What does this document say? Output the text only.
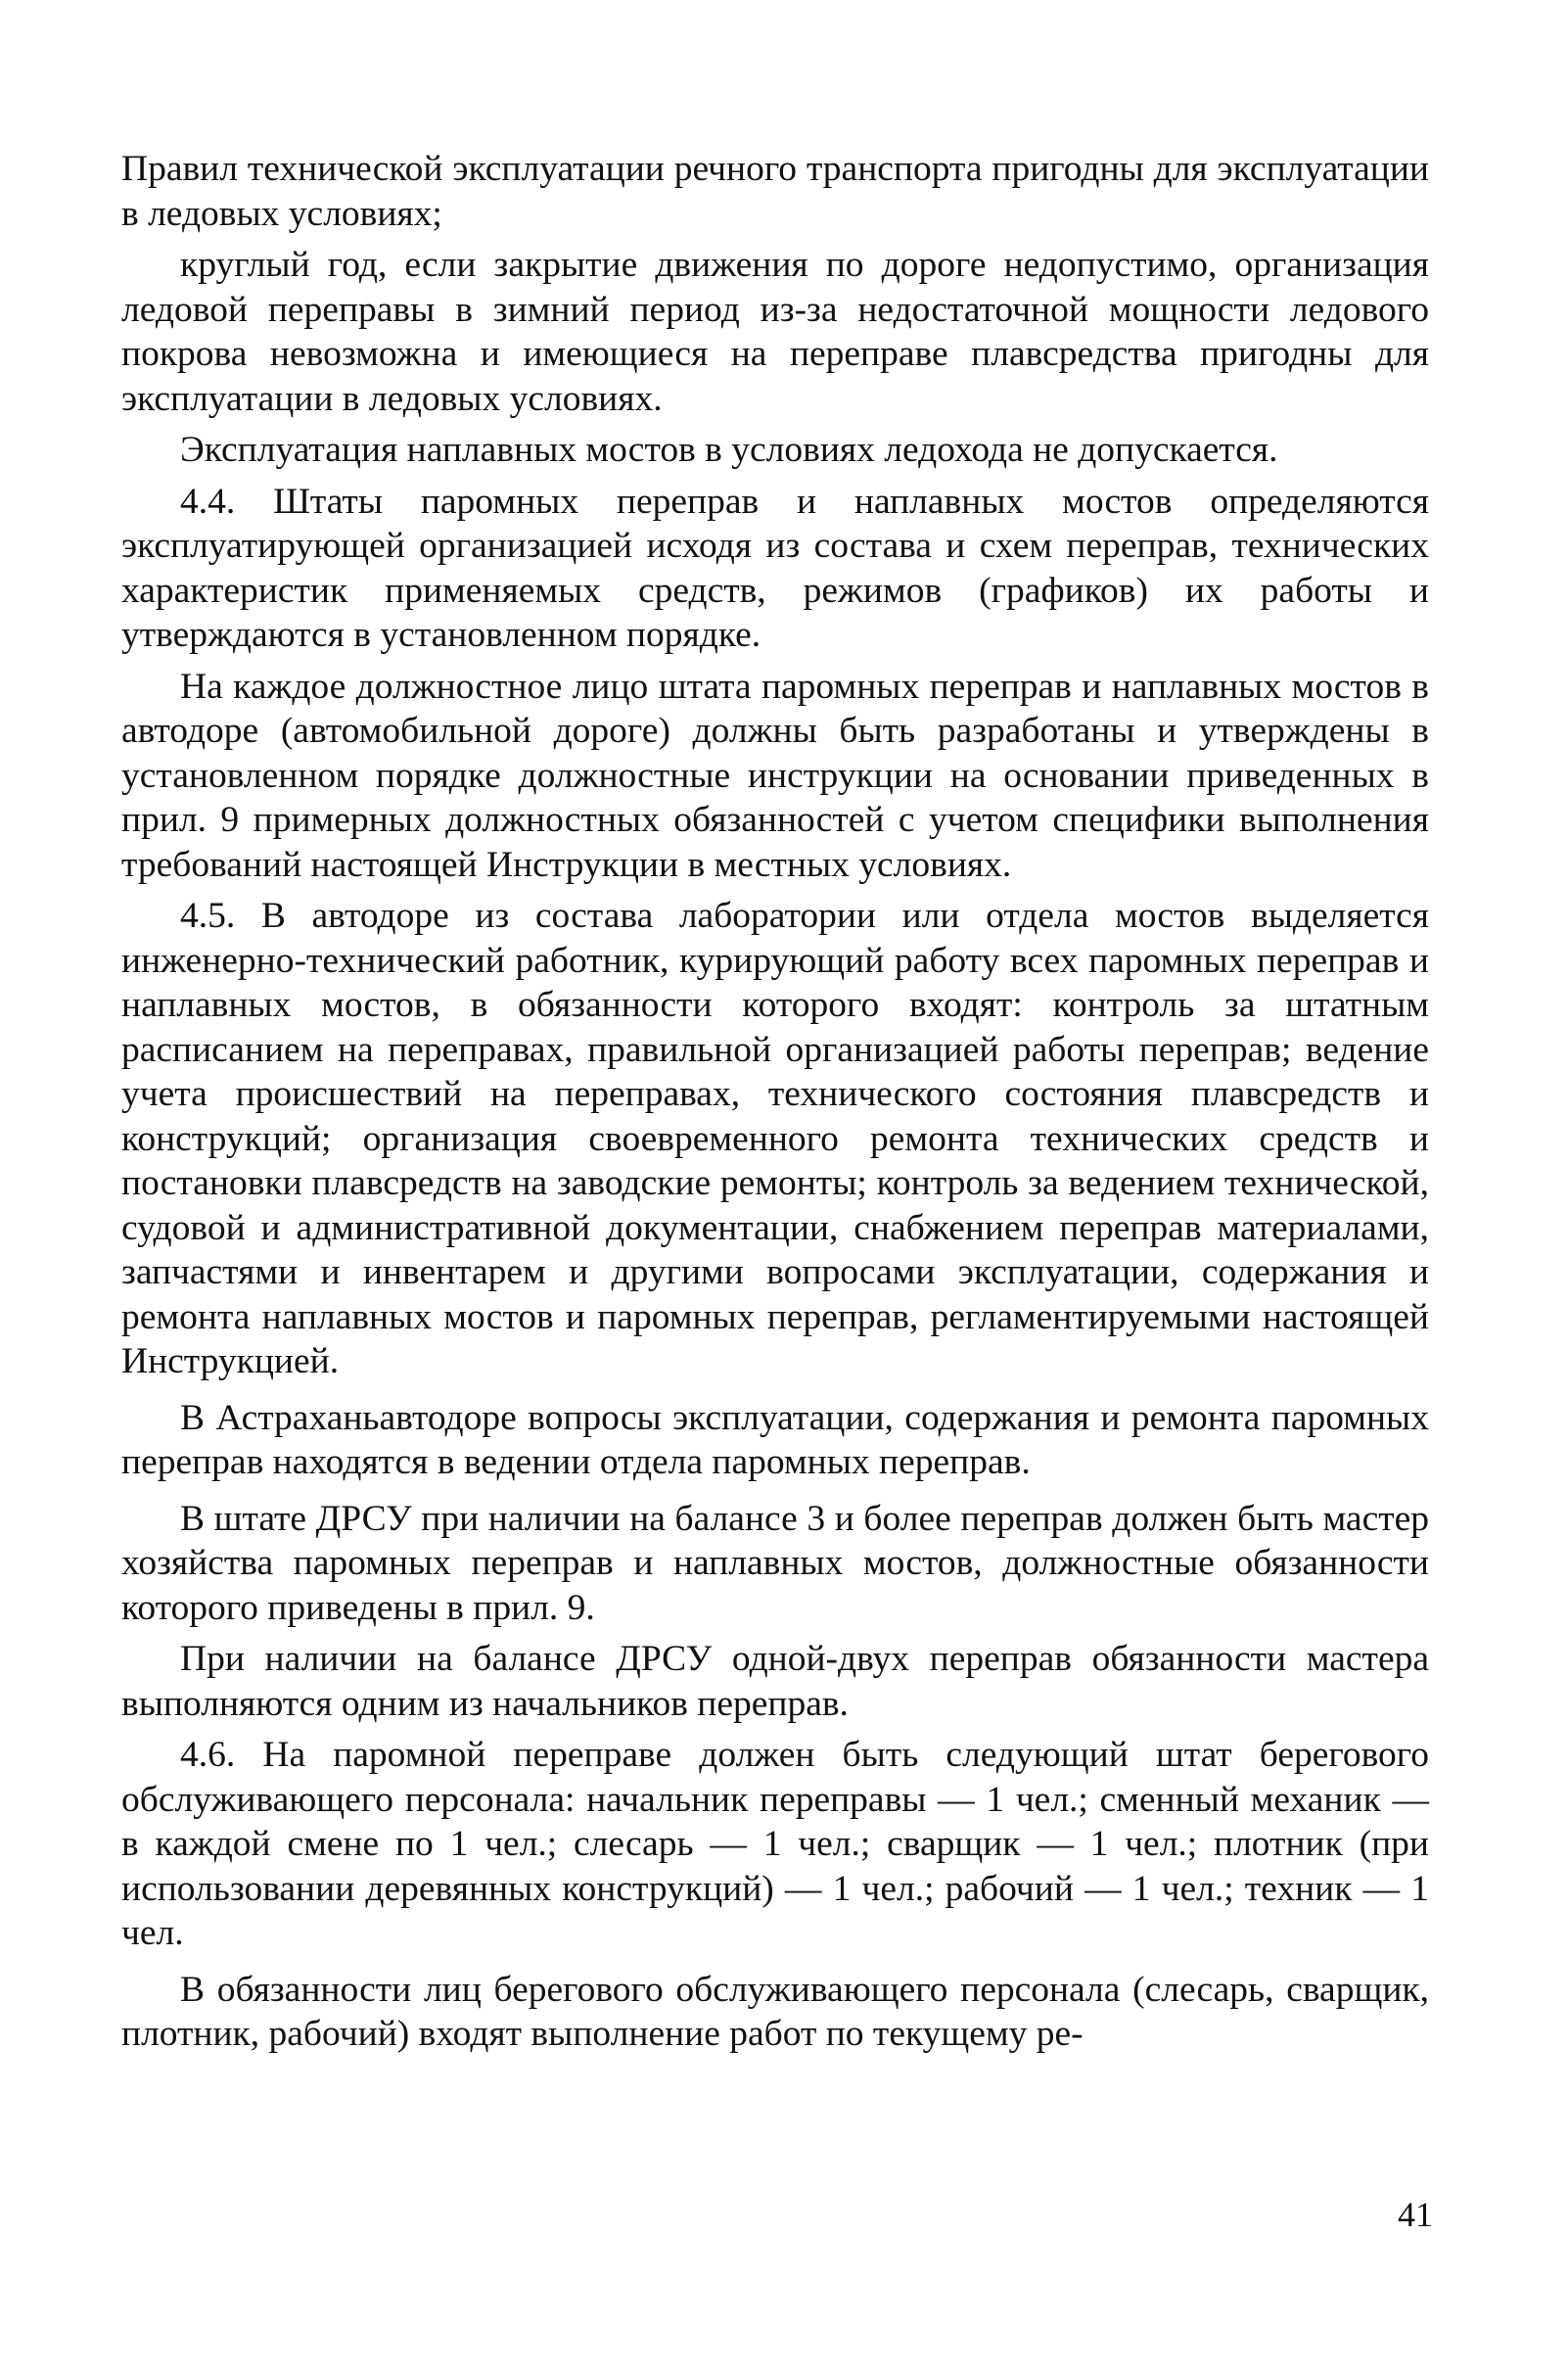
Правил технической эксплуатации речного транспорта пригодны для эксплуатации в ледовых условиях;

круглый год, если закрытие движения по дороге недопустимо, организация ледовой переправы в зимний период из-за недостаточной мощности ледового покрова невозможна и имеющиеся на переправе плавсредства пригодны для эксплуатации в ледовых условиях.

Эксплуатация наплавных мостов в условиях ледохода не допускается.

4.4. Штаты паромных переправ и наплавных мостов определяются эксплуатирующей организацией исходя из состава и схем переправ, технических характеристик применяемых средств, режимов (графиков) их работы и утверждаются в установленном порядке.

На каждое должностное лицо штата паромных переправ и наплавных мостов в автодоре (автомобильной дороге) должны быть разработаны и утверждены в установленном порядке должностные инструкции на основании приведенных в прил. 9 примерных должностных обязанностей с учетом специфики выполнения требований настоящей Инструкции в местных условиях.

4.5. В автодоре из состава лаборатории или отдела мостов выделяется инженерно-технический работник, курирующий работу всех паромных переправ и наплавных мостов, в обязанности которого входят: контроль за штатным расписанием на переправах, правильной организацией работы переправ; ведение учета происшествий на переправах, технического состояния плавсредств и конструкций; организация своевременного ремонта технических средств и постановки плавсредств на заводские ремонты; контроль за ведением технической, судовой и административной документации, снабжением переправ материалами, запчастями и инвентарем и другими вопросами эксплуатации, содержания и ремонта наплавных мостов и паромных переправ, регламентируемыми настоящей Инструкцией.

В Астраханьавтодоре вопросы эксплуатации, содержания и ремонта паромных переправ находятся в ведении отдела паромных переправ.

В штате ДРСУ при наличии на балансе 3 и более переправ должен быть мастер хозяйства паромных переправ и наплавных мостов, должностные обязанности которого приведены в прил. 9.

При наличии на балансе ДРСУ одной-двух переправ обязанности мастера выполняются одним из начальников переправ.

4.6. На паромной переправе должен быть следующий штат берегового обслуживающего персонала: начальник переправы — 1 чел.; сменный механик — в каждой смене по 1 чел.; слесарь — 1 чел.; сварщик — 1 чел.; плотник (при использовании деревянных конструкций) — 1 чел.; рабочий — 1 чел.; техник — 1 чел.

В обязанности лиц берегового обслуживающего персонала (слесарь, сварщик, плотник, рабочий) входят выполнение работ по текущему ре-

41
